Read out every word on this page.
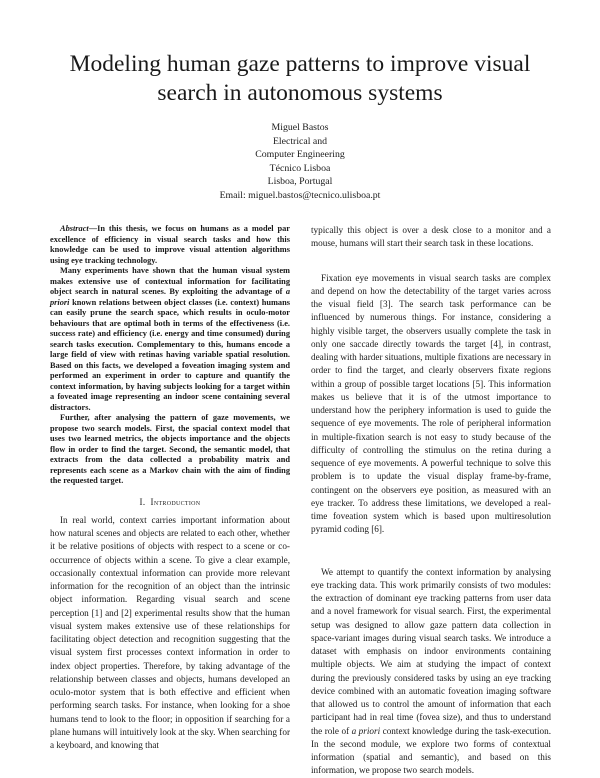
Modeling human gaze patterns to improve visual search in autonomous systems
Miguel Bastos
Electrical and
Computer Engineering
Técnico Lisboa
Lisboa, Portugal
Email: miguel.bastos@tecnico.ulisboa.pt

Abstract—In this thesis, we focus on humans as a model par excellence of efficiency in visual search tasks and how this knowledge can be used to improve visual attention algorithms using eye tracking technology.

Many experiments have shown that the human visual system makes extensive use of contextual information for facilitating object search in natural scenes. By exploiting the advantage of a priori known relations between object classes (i.e. context) humans can easily prune the search space, which results in oculo-motor behaviours that are optimal both in terms of the effectiveness (i.e. success rate) and efficiency (i.e. energy and time consumed) during search tasks execution. Complementary to this, humans encode a large field of view with retinas having variable spatial resolution. Based on this facts, we developed a foveation imaging system and performed an experiment in order to capture and quantify the context information, by having subjects looking for a target within a foveated image representing an indoor scene containing several distractors.

Further, after analysing the pattern of gaze movements, we propose two search models. First, the spacial context model that uses two learned metrics, the objects importance and the objects flow in order to find the target. Second, the semantic model, that extracts from the data collected a probability matrix and represents each scene as a Markov chain with the aim of finding the requested target.

I. Introduction

In real world, context carries important information about how natural scenes and objects are related to each other, whether it be relative positions of objects with respect to a scene or co-occurrence of objects within a scene. To give a clear example, occasionally contextual information can provide more relevant information for the recognition of an object than the intrinsic object information. Regarding visual search and scene perception [1] and [2] experimental results show that the human visual system makes extensive use of these relationships for facilitating object detection and recognition suggesting that the visual system first processes context information in order to index object properties. Therefore, by taking advantage of the relationship between classes and objects, humans developed an oculo-motor system that is both effective and efficient when performing search tasks. For instance, when looking for a shoe humans tend to look to the floor; in opposition if searching for a plane humans will intuitively look at the sky. When searching for a keyboard, and knowing that

typically this object is over a desk close to a monitor and a mouse, humans will start their search task in these locations.

Fixation eye movements in visual search tasks are complex and depend on how the detectability of the target varies across the visual field [3]. The search task performance can be influenced by numerous things. For instance, considering a highly visible target, the observers usually complete the task in only one saccade directly towards the target [4], in contrast, dealing with harder situations, multiple fixations are necessary in order to find the target, and clearly observers fixate regions within a group of possible target locations [5]. This information makes us believe that it is of the utmost importance to understand how the periphery information is used to guide the sequence of eye movements. The role of peripheral information in multiple-fixation search is not easy to study because of the difficulty of controlling the stimulus on the retina during a sequence of eye movements. A powerful technique to solve this problem is to update the visual display frame-by-frame, contingent on the observers eye position, as measured with an eye tracker. To address these limitations, we developed a real-time foveation system which is based upon multiresolution pyramid coding [6].

We attempt to quantify the context information by analysing eye tracking data. This work primarily consists of two modules: the extraction of dominant eye tracking patterns from user data and a novel framework for visual search. First, the experimental setup was designed to allow gaze pattern data collection in space-variant images during visual search tasks. We introduce a dataset with emphasis on indoor environments containing multiple objects. We aim at studying the impact of context during the previously considered tasks by using an eye tracking device combined with an automatic foveation imaging software that allowed us to control the amount of information that each participant had in real time (fovea size), and thus to understand the role of a priori context knowledge during the task-execution. In the second module, we explore two forms of contextual information (spatial and semantic), and based on this information, we propose two search models.
